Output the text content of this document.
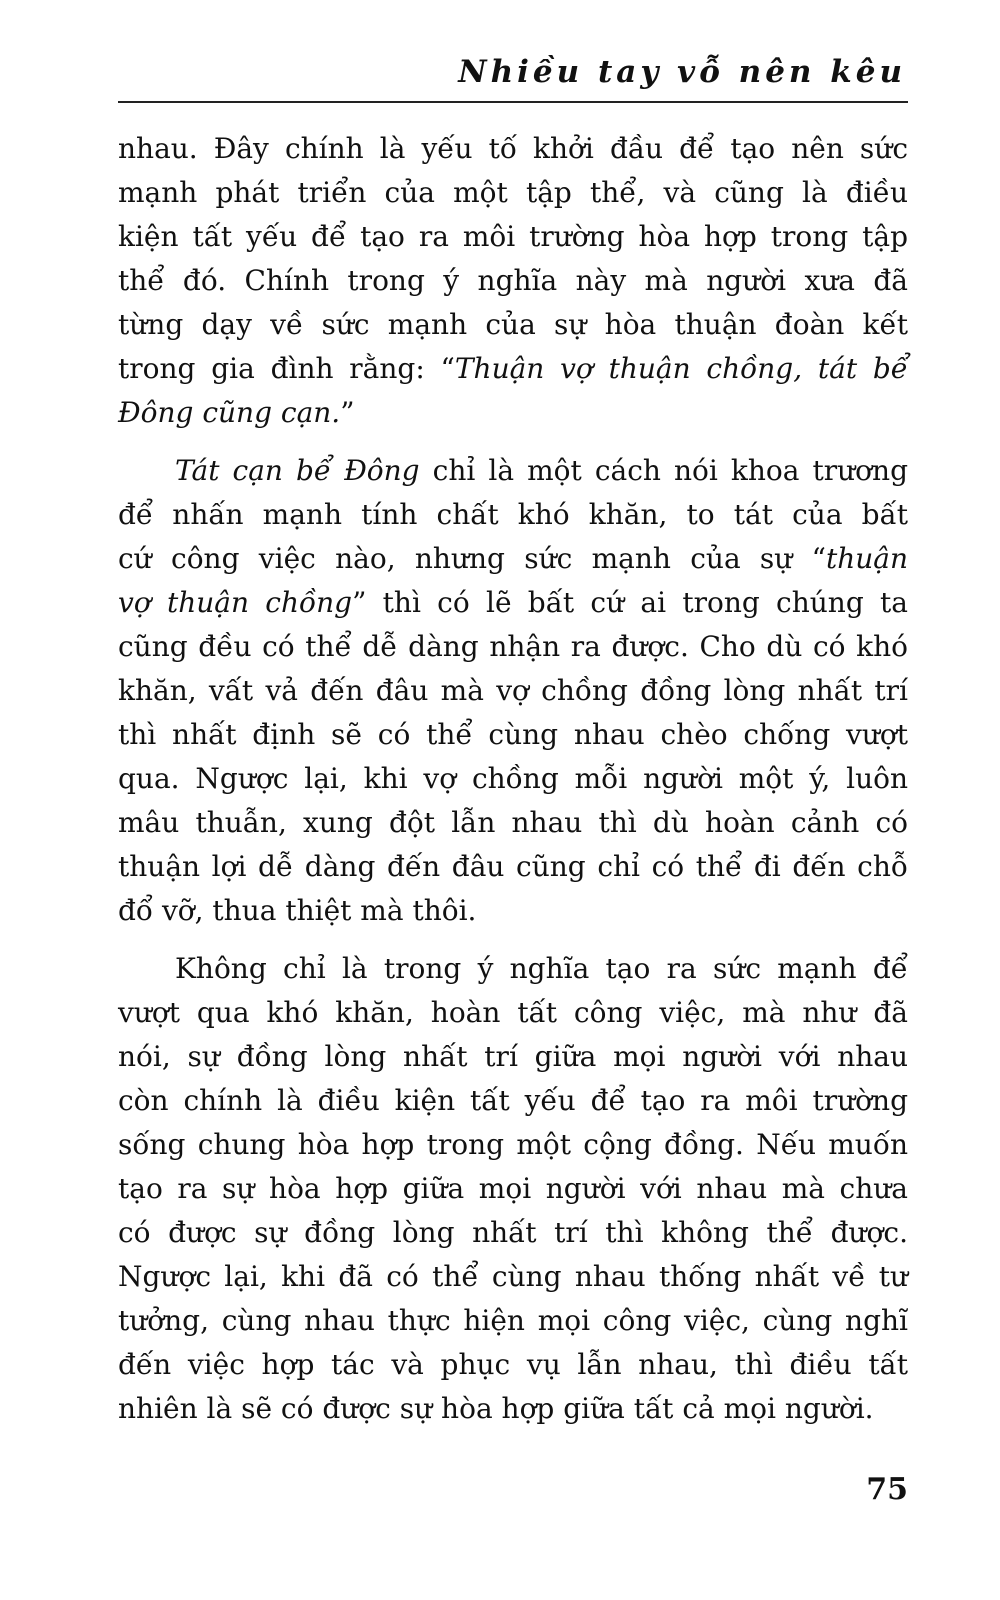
Nhiều tay vỗ nên kêu

nhau. Đây chính là yếu tố khởi đầu để tạo nên sức
mạnh phát triển của một tập thể, và cũng là điều
kiện tất yếu để tạo ra môi trường hòa hợp trong tập
thể đó. Chính trong ý nghĩa này mà người xưa đã
từng dạy về sức mạnh của sự hòa thuận đoàn kết
trong gia đình rằng: “Thuận vợ thuận chồng, tát bể
Đông cũng cạn.”

Tát cạn bể Đông chỉ là một cách nói khoa trương
để nhấn mạnh tính chất khó khăn, to tát của bất
cứ công việc nào, nhưng sức mạnh của sự “thuận
vợ thuận chồng” thì có lẽ bất cứ ai trong chúng ta
cũng đều có thể dễ dàng nhận ra được. Cho dù có khó
khăn, vất vả đến đâu mà vợ chồng đồng lòng nhất trí
thì nhất định sẽ có thể cùng nhau chèo chống vượt
qua. Ngược lại, khi vợ chồng mỗi người một ý, luôn
mâu thuẫn, xung đột lẫn nhau thì dù hoàn cảnh có
thuận lợi dễ dàng đến đâu cũng chỉ có thể đi đến chỗ
đổ vỡ, thua thiệt mà thôi.

Không chỉ là trong ý nghĩa tạo ra sức mạnh để
vượt qua khó khăn, hoàn tất công việc, mà như đã
nói, sự đồng lòng nhất trí giữa mọi người với nhau
còn chính là điều kiện tất yếu để tạo ra môi trường
sống chung hòa hợp trong một cộng đồng. Nếu muốn
tạo ra sự hòa hợp giữa mọi người với nhau mà chưa
có được sự đồng lòng nhất trí thì không thể được.
Ngược lại, khi đã có thể cùng nhau thống nhất về tư
tưởng, cùng nhau thực hiện mọi công việc, cùng nghĩ
đến việc hợp tác và phục vụ lẫn nhau, thì điều tất
nhiên là sẽ có được sự hòa hợp giữa tất cả mọi người.

75
